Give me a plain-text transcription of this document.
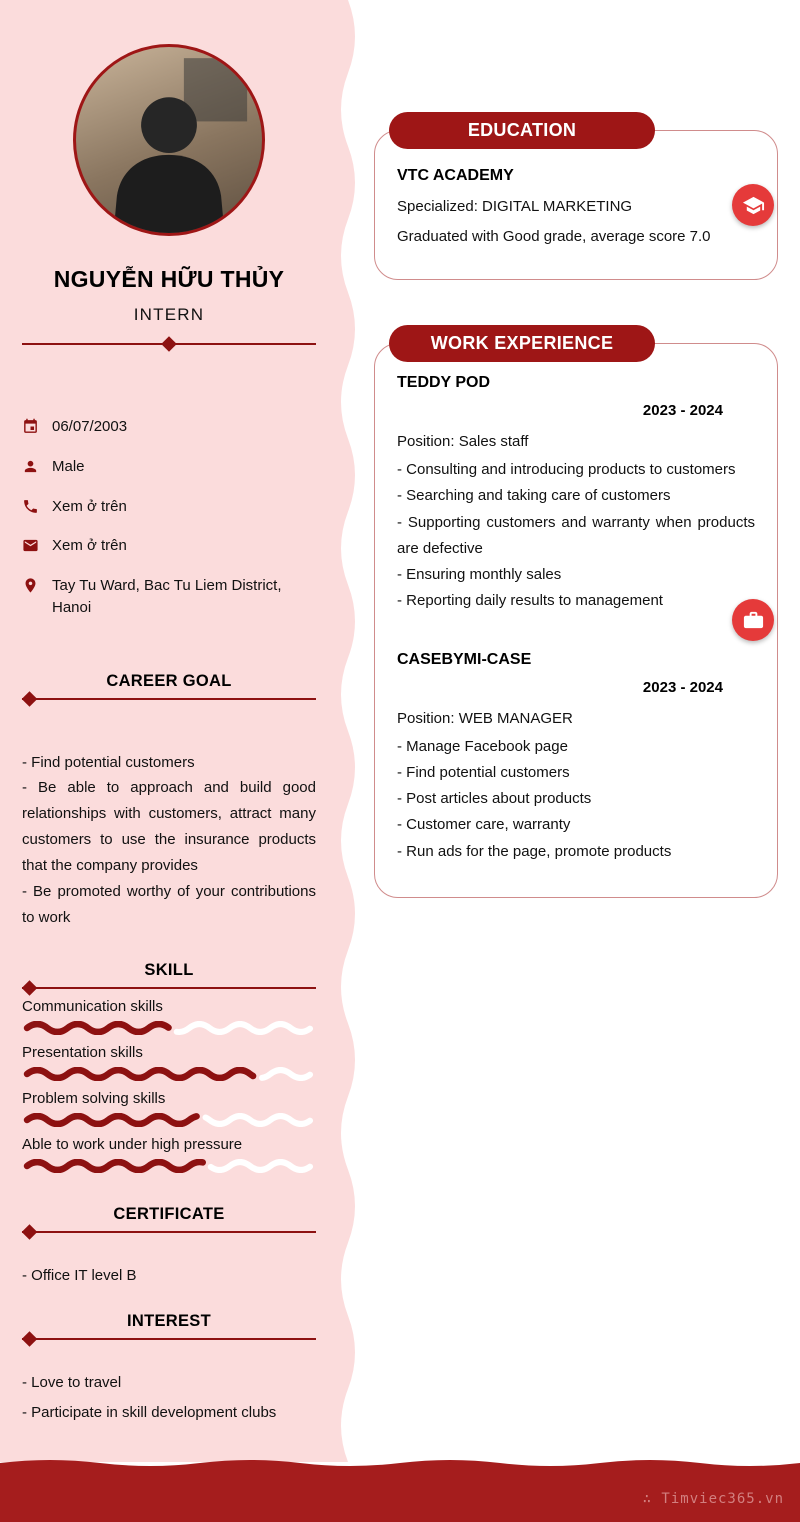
NGUYỄN HỮU THỦY
INTERN
06/07/2003
Male
Xem ở trên
Xem ở trên
Tay Tu Ward, Bac Tu Liem District, Hanoi
CAREER GOAL

- Find potential customers

- Be able to approach and build good relationships with customers, attract many customers to use the insurance products that the company provides

- Be promoted worthy of your contributions to work

SKILL
Communication skills
Presentation skills
Problem solving skills
Able to work under high pressure
CERTIFICATE

- Office IT level B

INTEREST

- Love to travel

- Participate in skill development clubs

EDUCATION
VTC ACADEMY
Specialized: DIGITAL MARKETING
Graduated with Good grade, average score 7.0
WORK EXPERIENCE
TEDDY POD
2023 - 2024
Position: Sales staff

- Consulting and introducing products to customers

- Searching and taking care of customers

- Supporting customers and warranty when products are defective

- Ensuring monthly sales

- Reporting daily results to management

CASEBYMI-CASE
2023 - 2024
Position: WEB MANAGER

- Manage Facebook page

- Find potential customers

- Post articles about products

- Customer care, warranty

- Run ads for the page, promote products

∴ Timviec365.vn
